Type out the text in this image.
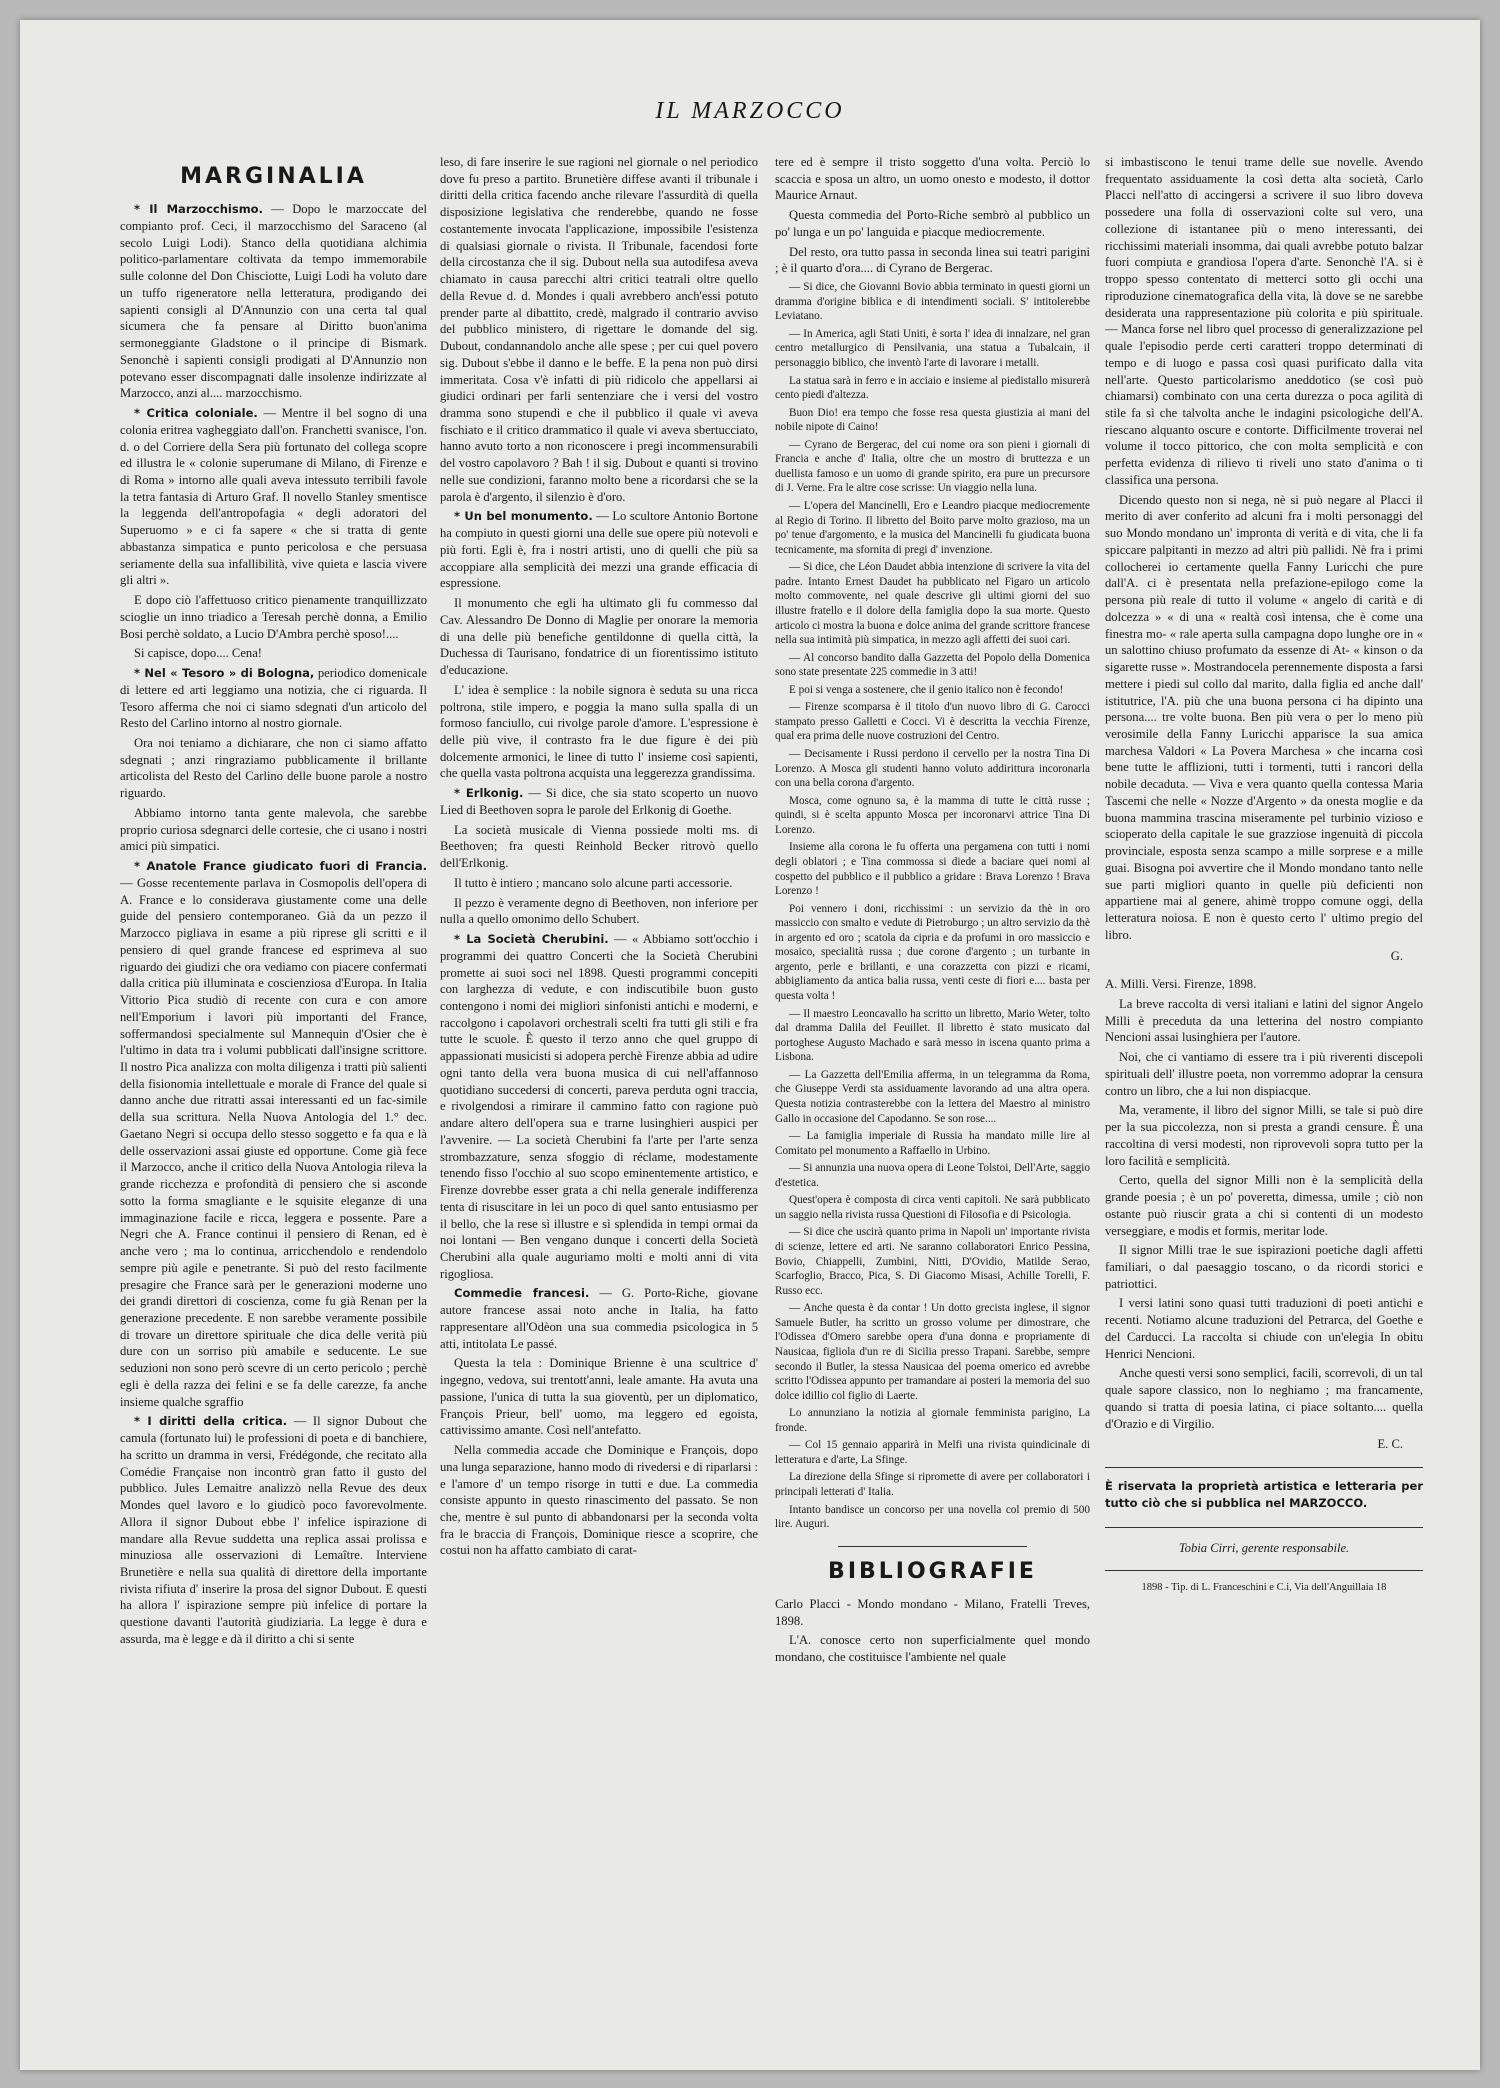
IL MARZOCCO
MARGINALIA

* Il Marzocchismo. — Dopo le marzoccate del compianto prof. Ceci, il marzocchismo del Saraceno (al secolo Luigi Lodi). Stanco della quotidiana alchimia politico-parlamentare coltivata da tempo immemorabile sulle colonne del Don Chisciotte, Luigi Lodi ha voluto dare un tuffo rigeneratore nella letteratura, prodigando dei sapienti consigli al D'Annunzio con una certa tal qual sicumera che fa pensare al Diritto buon'anima sermoneggiante Gladstone o il principe di Bismark. Senonchè i sapienti consigli prodigati al D'Annunzio non potevano esser discompagnati dalle insolenze indirizzate al Marzocco, anzi al.... marzocchismo.

* Critica coloniale. — Mentre il bel sogno di una colonia eritrea vagheggiato dall'on. Franchetti svanisce, l'on. d. o del Corriere della Sera più fortunato del collega scopre ed illustra le « colonie superumane di Milano, di Firenze e di Roma » intorno alle quali aveva intessuto terribili favole la tetra fantasia di Arturo Graf. Il novello Stanley smentisce la leggenda dell'antropofagia « degli adoratori del Superuomo » e ci fa sapere « che si tratta di gente abbastanza simpatica e punto pericolosa e che persuasa seriamente della sua infallibilità, vive quieta e lascia vivere gli altri ».

E dopo ciò l'affettuoso critico pienamente tranquillizzato scioglie un inno triadico a Teresah perchè donna, a Emilio Bosi perchè soldato, a Lucio D'Ambra perchè sposo!....

Si capisce, dopo.... Cena!

* Nel « Tesoro » di Bologna, periodico domenicale di lettere ed arti leggiamo una notizia, che ci riguarda. Il Tesoro afferma che noi ci siamo sdegnati d'un articolo del Resto del Carlino intorno al nostro giornale.

Ora noi teniamo a dichiarare, che non ci siamo affatto sdegnati ; anzi ringraziamo pubblicamente il brillante articolista del Resto del Carlino delle buone parole a nostro riguardo.

Abbiamo intorno tanta gente malevola, che sarebbe proprio curiosa sdegnarci delle cortesie, che ci usano i nostri amici più simpatici.

* Anatole France giudicato fuori di Francia. — Gosse recentemente parlava in Cosmopolis dell'opera di A. France e lo considerava giustamente come una delle guide del pensiero contemporaneo. Già da un pezzo il Marzocco pigliava in esame a più riprese gli scritti e il pensiero di quel grande francese ed esprimeva al suo riguardo dei giudizi che ora vediamo con piacere confermati dalla critica più illuminata e coscienziosa d'Europa. In Italia Vittorio Pica studiò di recente con cura e con amore nell'Emporium i lavori più importanti del France, soffermandosi specialmente sul Mannequin d'Osier che è l'ultimo in data tra i volumi pubblicati dall'insigne scrittore. Il nostro Pica analizza con molta diligenza i tratti più salienti della fisionomia intellettuale e morale di France del quale si danno anche due ritratti assai interessanti ed un fac-simile della sua scrittura. Nella Nuova Antologia del 1.° dec. Gaetano Negri si occupa dello stesso soggetto e fa qua e là delle osservazioni assai giuste ed opportune. Come già fece il Marzocco, anche il critico della Nuova Antologia rileva la grande ricchezza e profondità di pensiero che si asconde sotto la forma smagliante e le squisite eleganze di una immaginazione facile e ricca, leggera e possente. Pare a Negri che A. France continui il pensiero di Renan, ed è anche vero ; ma lo continua, arricchendolo e rendendolo sempre più agile e penetrante. Si può del resto facilmente presagire che France sarà per le generazioni moderne uno dei grandi direttori di coscienza, come fu già Renan per la generazione precedente. E non sarebbe veramente possibile di trovare un direttore spirituale che dica delle verità più dure con un sorriso più amabile e seducente. Le sue seduzioni non sono però scevre di un certo pericolo ; perchè egli è della razza dei felini e se fa delle carezze, fa anche insieme qualche sgraffio

* I diritti della critica. — Il signor Dubout che camula (fortunato lui) le professioni di poeta e di banchiere, ha scritto un dramma in versi, Frédégonde, che recitato alla Comédie Française non incontrò gran fatto il gusto del pubblico. Jules Lemaitre analizzò nella Revue des deux Mondes quel lavoro e lo giudicò poco favorevolmente. Allora il signor Dubout ebbe l' infelice ispirazione di mandare alla Revue suddetta una replica assai prolissa e minuziosa alle osservazioni di Lemaître. Interviene Brunetière e nella sua qualità di direttore della importante rivista rifiuta d' inserire la prosa del signor Dubout. E questi ha allora l' ispirazione sempre più infelice di portare la questione davanti l'autorità giudiziaria. La legge è dura e assurda, ma è legge e dà il diritto a chi si sente

leso, di fare inserire le sue ragioni nel giornale o nel periodico dove fu preso a partito. Brunetière diffese avanti il tribunale i diritti della critica facendo anche rilevare l'assurdità di quella disposizione legislativa che renderebbe, quando ne fosse costantemente invocata l'applicazione, impossibile l'esistenza di qualsiasi giornale o rivista. Il Tribunale, facendosi forte della circostanza che il sig. Dubout nella sua autodifesa aveva chiamato in causa parecchi altri critici teatrali oltre quello della Revue d. d. Mondes i quali avrebbero anch'essi potuto prender parte al dibattito, credè, malgrado il contrario avviso del pubblico ministero, di rigettare le domande del sig. Dubout, condannandolo anche alle spese ; per cui quel povero sig. Dubout s'ebbe il danno e le beffe. E la pena non può dirsi immeritata. Cosa v'è infatti di più ridicolo che appellarsi ai giudici ordinari per farli sentenziare che i versi del vostro dramma sono stupendi e che il pubblico il quale vi aveva fischiato e il critico drammatico il quale vi aveva sbertucciato, hanno avuto torto a non riconoscere i pregi incommensurabili del vostro capolavoro ? Bah ! il sig. Dubout e quanti si trovino nelle sue condizioni, faranno molto bene a ricordarsi che se la parola è d'argento, il silenzio è d'oro.

* Un bel monumento. — Lo scultore Antonio Bortone ha compiuto in questi giorni una delle sue opere più notevoli e più forti. Egli è, fra i nostri artisti, uno di quelli che più sa accoppiare alla semplicità dei mezzi una grande efficacia di espressione.

Il monumento che egli ha ultimato gli fu commesso dal Cav. Alessandro De Donno di Maglie per onorare la memoria di una delle più benefiche gentildonne di quella città, la Duchessa di Taurisano, fondatrice di un fiorentissimo istituto d'educazione.

L' idea è semplice : la nobile signora è seduta su una ricca poltrona, stile impero, e poggia la mano sulla spalla di un formoso fanciullo, cui rivolge parole d'amore. L'espressione è delle più vive, il contrasto fra le due figure è dei più dolcemente armonici, le linee di tutto l' insieme così sapienti, che quella vasta poltrona acquista una leggerezza grandissima.

* Erlkonig. — Si dice, che sia stato scoperto un nuovo Lied di Beethoven sopra le parole del Erlkonig di Goethe.

La società musicale di Vienna possiede molti ms. di Beethoven; fra questi Reinhold Becker ritrovò quello dell'Erlkonig.

Il tutto è intiero ; mancano solo alcune parti accessorie.

Il pezzo è veramente degno di Beethoven, non inferiore per nulla a quello omonimo dello Schubert.

* La Società Cherubini. — « Abbiamo sott'occhio i programmi dei quattro Concerti che la Società Cherubini promette ai suoi soci nel 1898. Questi programmi concepiti con larghezza di vedute, e con indiscutibile buon gusto contengono i nomi dei migliori sinfonisti antichi e moderni, e raccolgono i capolavori orchestrali scelti fra tutti gli stili e fra tutte le scuole. È questo il terzo anno che quel gruppo di appassionati musicisti si adopera perchè Firenze abbia ad udire ogni tanto della vera buona musica di cui nell'affannoso quotidiano succedersi di concerti, pareva perduta ogni traccia, e rivolgendosi a rimirare il cammino fatto con ragione può andare altero dell'opera sua e trarne lusinghieri auspici per l'avvenire. — La società Cherubini fa l'arte per l'arte senza strombazzature, senza sfoggio di réclame, modestamente tenendo fisso l'occhio al suo scopo eminentemente artistico, e Firenze dovrebbe esser grata a chi nella generale indifferenza tenta di risuscitare in lei un poco di quel santo entusiasmo per il bello, che la rese sì illustre e sì splendida in tempi ormai da noi lontani — Ben vengano dunque i concerti della Società Cherubini alla quale auguriamo molti e molti anni di vita rigogliosa.

Commedie francesi. — G. Porto-Riche, giovane autore francese assai noto anche in Italia, ha fatto rappresentare all'Odèon una sua commedia psicologica in 5 atti, intitolata Le passé.

Questa la tela : Dominique Brienne è una scultrice d' ingegno, vedova, sui trentott'anni, leale amante. Ha avuta una passione, l'unica di tutta la sua gioventù, per un diplomatico, François Prieur, bell' uomo, ma leggero ed egoista, cattivissimo amante. Così nell'antefatto.

Nella commedia accade che Dominique e François, dopo una lunga separazione, hanno modo di rivedersi e di riparlarsi : e l'amore d' un tempo risorge in tutti e due. La commedia consiste appunto in questo rinascimento del passato. Se non che, mentre è sul punto di abbandonarsi per la seconda volta fra le braccia di François, Dominique riesce a scoprire, che costui non ha affatto cambiato di carat-

tere ed è sempre il tristo soggetto d'una volta. Perciò lo scaccia e sposa un altro, un uomo onesto e modesto, il dottor Maurice Arnaut.

Questa commedia del Porto-Riche sembrò al pubblico un po' lunga e un po' languida e piacque mediocremente.

Del resto, ora tutto passa in seconda linea sui teatri parigini ; è il quarto d'ora.... di Cyrano de Bergerac.

— Si dice, che Giovanni Bovio abbia terminato in questi giorni un dramma d'origine biblica e di intendimenti sociali. S' intitolerebbe Leviatano.

— In America, agli Stati Uniti, è sorta l' idea di innalzare, nel gran centro metallurgico di Pensilvania, una statua a Tubalcain, il personaggio biblico, che inventò l'arte di lavorare i metalli.

La statua sarà in ferro e in acciaio e insieme al piedistallo misurerà cento piedi d'altezza.

Buon Dio! era tempo che fosse resa questa giustizia ai mani del nobile nipote di Caino!

— Cyrano de Bergerac, del cui nome ora son pieni i giornali di Francia e anche d' Italia, oltre che un mostro di bruttezza e un duellista famoso e un uomo di grande spirito, era pure un precursore di J. Verne. Fra le altre cose scrisse: Un viaggio nella luna.

— L'opera del Mancinelli, Ero e Leandro piacque mediocremente al Regio di Torino. Il libretto del Boito parve molto grazioso, ma un po' tenue d'argomento, e la musica del Mancinelli fu giudicata buona tecnicamente, ma sfornita di pregi d' invenzione.

— Si dice, che Léon Daudet abbia intenzione di scrivere la vita del padre. Intanto Ernest Daudet ha pubblicato nel Figaro un articolo molto commovente, nel quale descrive gli ultimi giorni del suo illustre fratello e il dolore della famiglia dopo la sua morte. Questo articolo ci mostra la buona e dolce anima del grande scrittore francese nella sua intimità più simpatica, in mezzo agli affetti dei suoi cari.

— Al concorso bandito dalla Gazzetta del Popolo della Domenica sono state presentate 225 commedie in 3 atti!

E poi si venga a sostenere, che il genio italico non è fecondo!

— Firenze scomparsa è il titolo d'un nuovo libro di G. Carocci stampato presso Galletti e Cocci. Vi è descritta la vecchia Firenze, qual era prima delle nuove costruzioni del Centro.

— Decisamente i Russi perdono il cervello per la nostra Tina Di Lorenzo. A Mosca gli studenti hanno voluto addirittura incoronarla con una bella corona d'argento.

Mosca, come ognuno sa, è la mamma di tutte le città russe ; quindi, si è scelta appunto Mosca per incoronarvi attrice Tina Di Lorenzo.

Insieme alla corona le fu offerta una pergamena con tutti i nomi degli oblatori ; e Tina commossa si diede a baciare quei nomi al cospetto del pubblico e il pubblico a gridare : Brava Lorenzo ! Brava Lorenzo !

Poi vennero i doni, ricchissimi : un servizio da thè in oro massiccio con smalto e vedute di Pietroburgo ; un altro servizio da thè in argento ed oro ; scatola da cipria e da profumi in oro massiccio e mosaico, specialità russa ; due corone d'argento ; un turbante in argento, perle e brillanti, e una corazzetta con pizzi e ricami, abbigliamento da antica balia russa, venti ceste di fiori e.... basta per questa volta !

— Il maestro Leoncavallo ha scritto un libretto, Mario Weter, tolto dal dramma Dalila del Feuillet. Il libretto è stato musicato dal portoghese Augusto Machado e sarà messo in iscena quanto prima a Lisbona.

— La Gazzetta dell'Emilia afferma, in un telegramma da Roma, che Giuseppe Verdi sta assiduamente lavorando ad una altra opera. Questa notizia contrasterebbe con la lettera del Maestro al ministro Gallo in occasione del Capodanno. Se son rose....

— La famiglia imperiale di Russia ha mandato mille lire al Comitato pel monumento a Raffaello in Urbino.

— Si annunzia una nuova opera di Leone Tolstoi, Dell'Arte, saggio d'estetica.

Quest'opera è composta di circa venti capitoli. Ne sarà pubblicato un saggio nella rivista russa Questioni di Filosofia e di Psicologia.

— Si dice che uscirà quanto prima in Napoli un' importante rivista di scienze, lettere ed arti. Ne saranno collaboratori Enrico Pessina, Bovio, Chiappelli, Zumbini, Nitti, D'Ovidio, Matilde Serao, Scarfoglio, Bracco, Pica, S. Di Giacomo Misasi, Achille Torelli, F. Russo ecc.

— Anche questa è da contar ! Un dotto grecista inglese, il signor Samuele Butler, ha scritto un grosso volume per dimostrare, che l'Odissea d'Omero sarebbe opera d'una donna e propriamente di Nausicaa, figliola d'un re di Sicilia presso Trapani. Sarebbe, sempre secondo il Butler, la stessa Nausicaa del poema omerico ed avrebbe scritto l'Odissea appunto per tramandare ai posteri la memoria del suo dolce idillio col figlio di Laerte.

Lo annunziano la notizia al giornale femminista parigino, La fronde.

— Col 15 gennaio apparirà in Melfi una rivista quindicinale di letteratura e d'arte, La Sfinge.

La direzione della Sfinge si ripromette di avere per collaboratori i principali letterati d' Italia.

Intanto bandisce un concorso per una novella col premio di 500 lire. Auguri.

BIBLIOGRAFIE

Carlo Placci - Mondo mondano - Milano, Fratelli Treves, 1898.

L'A. conosce certo non superficialmente quel mondo mondano, che costituisce l'ambiente nel quale

si imbastiscono le tenui trame delle sue novelle. Avendo frequentato assiduamente la così detta alta società, Carlo Placci nell'atto di accingersi a scrivere il suo libro doveva possedere una folla di osservazioni colte sul vero, una collezione di istantanee più o meno interessanti, dei ricchissimi materiali insomma, dai quali avrebbe potuto balzar fuori compiuta e grandiosa l'opera d'arte. Senonchè l'A. si è troppo spesso contentato di metterci sotto gli occhi una riproduzione cinematografica della vita, là dove se ne sarebbe desiderata una rappresentazione più colorita e più spirituale. — Manca forse nel libro quel processo di generalizzazione pel quale l'episodio perde certi caratteri troppo determinati di tempo e di luogo e passa così quasi purificato dalla vita nell'arte. Questo particolarismo aneddotico (se così può chiamarsi) combinato con una certa durezza o poca agilità di stile fa sì che talvolta anche le indagini psicologiche dell'A. riescano alquanto oscure e contorte. Difficilmente troverai nel volume il tocco pittorico, che con molta semplicità e con perfetta evidenza di rilievo ti riveli uno stato d'anima o ti classifica una persona.

Dicendo questo non si nega, nè si può negare al Placci il merito di aver conferito ad alcuni fra i molti personaggi del suo Mondo mondano un' impronta di verità e di vita, che li fa spiccare palpitanti in mezzo ad altri più pallidi. Nè fra i primi collocherei io certamente quella Fanny Luricchi che pure dall'A. ci è presentata nella prefazione-epilogo come la persona più reale di tutto il volume « angelo di carità e di dolcezza » « di una « realtà così intensa, che è come una finestra mo- « rale aperta sulla campagna dopo lunghe ore in « un salottino chiuso profumato da essenze di At- « kinson o da sigarette russe ». Mostrandocela perennemente disposta a farsi mettere i piedi sul collo dal marito, dalla figlia ed anche dall' istitutrice, l'A. più che una buona persona ci ha dipinto una persona.... tre volte buona. Ben più vera o per lo meno più verosimile della Fanny Luricchi apparisce la sua amica marchesa Valdori « La Povera Marchesa » che incarna così bene tutte le afflizioni, tutti i tormenti, tutti i rancori della nobile decaduta. — Viva e vera quanto quella contessa Maria Tascemi che nelle « Nozze d'Argento » da onesta moglie e da buona mammina trascina miseramente pel turbinio vizioso e scioperato della capitale le sue grazziose ingenuità di piccola provinciale, esposta senza scampo a mille sorprese e a mille guai. Bisogna poi avvertire che il Mondo mondano tanto nelle sue parti migliori quanto in quelle più deficienti non appartiene mai al genere, ahimè troppo comune oggi, della letteratura noiosa. E non è questo certo l' ultimo pregio del libro.

G.

A. Milli. Versi. Firenze, 1898.

La breve raccolta di versi italiani e latini del signor Angelo Milli è preceduta da una letterina del nostro compianto Nencioni assai lusinghiera per l'autore.

Noi, che ci vantiamo di essere tra i più riverenti discepoli spirituali dell' illustre poeta, non vorremmo adoprar la censura contro un libro, che a lui non dispiacque.

Ma, veramente, il libro del signor Milli, se tale si può dire per la sua piccolezza, non si presta a grandi censure. È una raccoltina di versi modesti, non riprovevoli sopra tutto per la loro facilità e semplicità.

Certo, quella del signor Milli non è la semplicità della grande poesia ; è un po' poveretta, dimessa, umile ; ciò non ostante può riuscir grata a chi si contenti di un modesto verseggiare, e modis et formis, meritar lode.

Il signor Milli trae le sue ispirazioni poetiche dagli affetti familiari, o dal paesaggio toscano, o da ricordi storici e patriottici.

I versi latini sono quasi tutti traduzioni di poeti antichi e recenti. Notiamo alcune traduzioni del Petrarca, del Goethe e del Carducci. La raccolta si chiude con un'elegia In obitu Henrici Nencioni.

Anche questi versi sono semplici, facili, scorrevoli, di un tal quale sapore classico, non lo neghiamo ; ma francamente, quando si tratta di poesia latina, ci piace soltanto.... quella d'Orazio e di Virgilio.

E. C.
È riservata la proprietà artistica e letteraria per tutto ciò che si pubblica nel MARZOCCO.
Tobia Cirri, gerente responsabile.
1898 - Tip. di L. Franceschini e C.i, Via dell'Anguillaia 18
